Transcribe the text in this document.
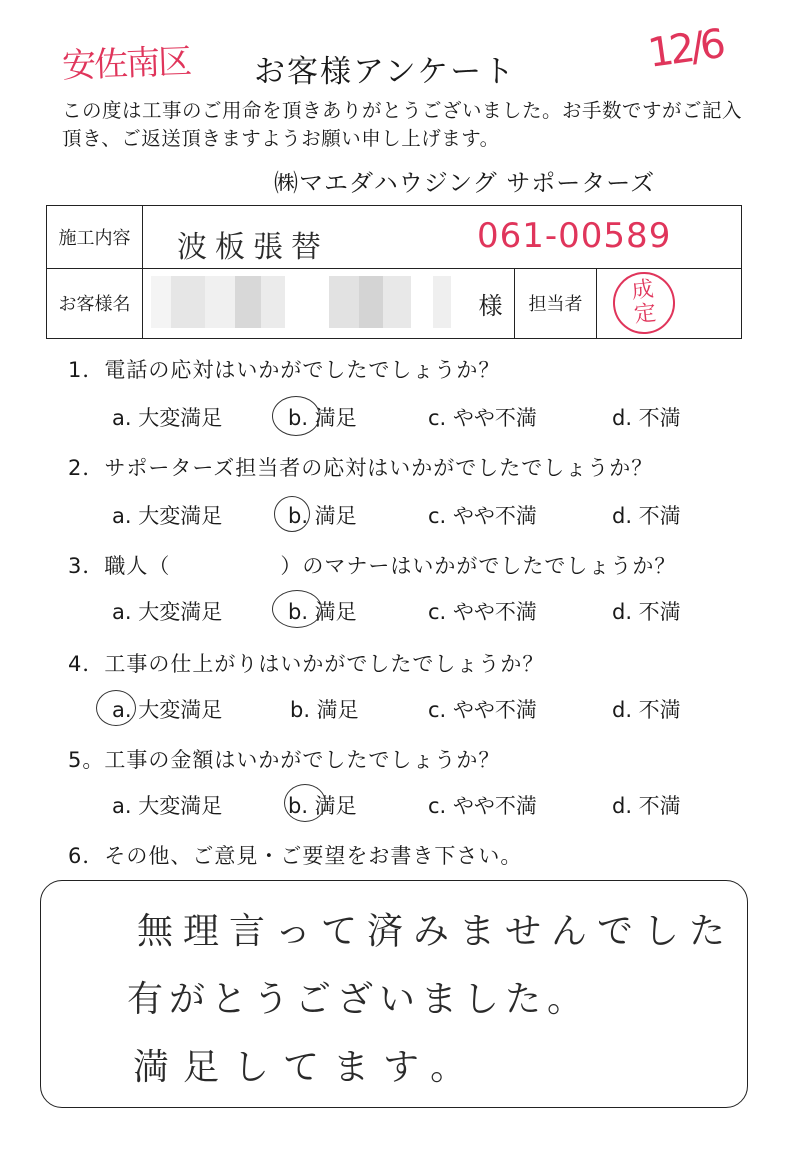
安佐南区 お客様アンケート	12/6
この度は工事のご用命を頂きありがとうございました。お手数ですがご記入頂き、ご返送頂きますようお願い申し上げます。
㈱マエダハウジング サポーターズ
施工内容	波板張替	061-00589
お客様名	様	担当者
成
定
1．電話の応対はいかがでしたでしょうか？
a. 大変満足	b. 満足	c. やや不満	d. 不満
2．サポーターズ担当者の応対はいかがでしたでしょうか？
a. 大変満足	b. 満足	c. やや不満	d. 不満
3．職人（　　　　　）のマナーはいかがでしたでしょうか？
a. 大変満足	b. 満足	c. やや不満	d. 不満
4．工事の仕上がりはいかがでしたでしょうか？
a. 大変満足	b. 満足	c. やや不満	d. 不満
5。工事の金額はいかがでしたでしょうか？
a. 大変満足	b. 満足	c. やや不満	d. 不満
6．その他、ご意見・ご要望をお書き下さい。
無理言って済みませんでした
有がとうございました。
満足してます。
